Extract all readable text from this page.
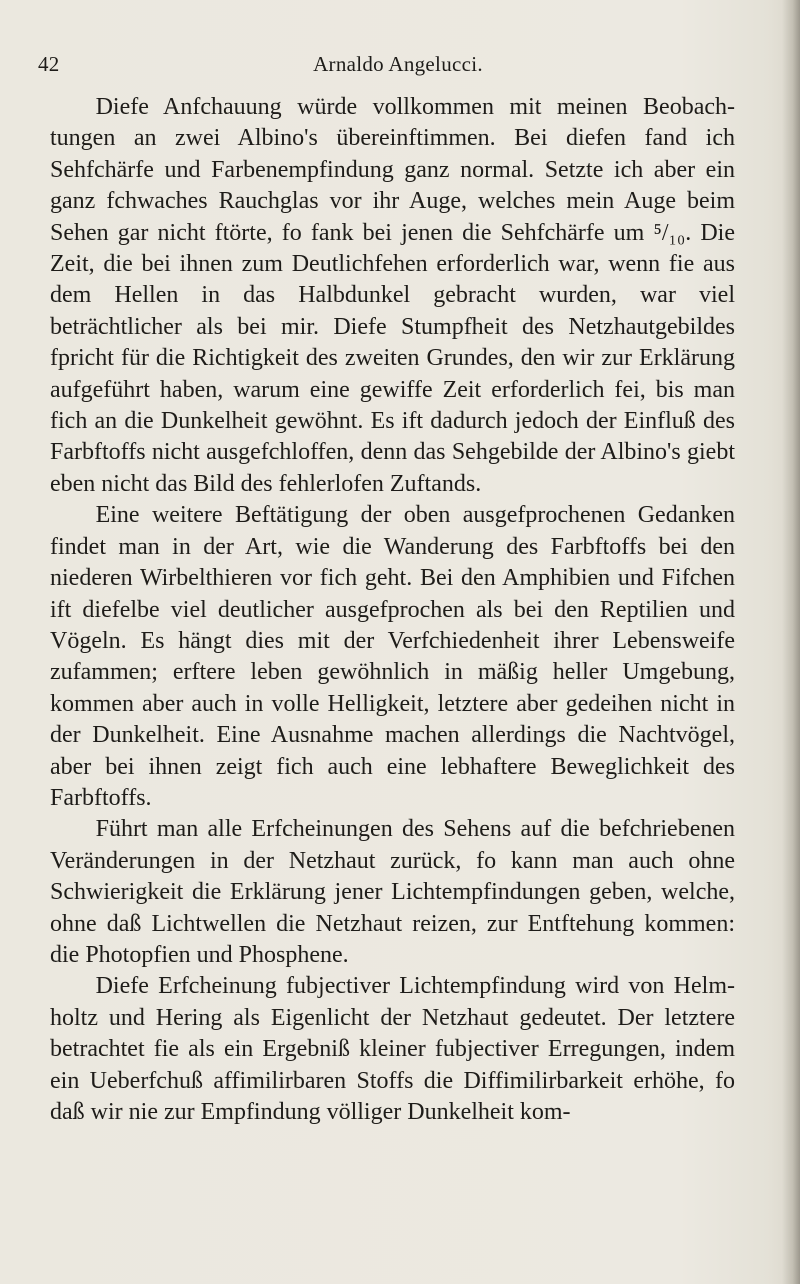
42	Arnaldo Angelucci.

Diefe Anfchauung würde vollkommen mit meinen Beobachtungen an zwei Albino's übereinftimmen. Bei diefen fand ich Sehfchärfe und Farbenempfindung ganz normal. Setzte ich aber ein ganz fchwaches Rauchglas vor ihr Auge, welches mein Auge beim Sehen gar nicht ftörte, fo fank bei jenen die Sehfchärfe um ⁵/₁₀. Die Zeit, die bei ihnen zum Deutlichfehen erforderlich war, wenn fie aus dem Hellen in das Halbdunkel gebracht wurden, war viel beträchtlicher als bei mir. Diefe Stumpfheit des Netzhautgebildes fpricht für die Richtigkeit des zweiten Grundes, den wir zur Erklärung aufgeführt haben, warum eine gewiffe Zeit erforderlich fei, bis man fich an die Dunkelheit gewöhnt. Es ift dadurch jedoch der Einfluß des Farbftoffs nicht ausgefchloffen, denn das Sehgebilde der Albino's giebt eben nicht das Bild des fehlerlofen Zuftands.

Eine weitere Beftätigung der oben ausgefprochenen Gedanken findet man in der Art, wie die Wanderung des Farbftoffs bei den niederen Wirbelthieren vor fich geht. Bei den Amphibien und Fifchen ift diefelbe viel deutlicher ausgefprochen als bei den Reptilien und Vögeln. Es hängt dies mit der Verfchiedenheit ihrer Lebensweife zufammen; erftere leben gewöhnlich in mäßig heller Umgebung, kommen aber auch in volle Helligkeit, letztere aber gedeihen nicht in der Dunkelheit. Eine Ausnahme machen allerdings die Nachtvögel, aber bei ihnen zeigt fich auch eine lebhaftere Beweglichkeit des Farbftoffs.

Führt man alle Erfcheinungen des Sehens auf die befchriebenen Veränderungen in der Netzhaut zurück, fo kann man auch ohne Schwierigkeit die Erklärung jener Lichtempfindungen geben, welche, ohne daß Lichtwellen die Netzhaut reizen, zur Entftehung kommen: die Photopfien und Phosphene.

Diefe Erfcheinung fubjectiver Lichtempfindung wird von Helmholtz und Hering als Eigenlicht der Netzhaut gedeutet. Der letztere betrachtet fie als ein Ergebniß kleiner fubjectiver Erregungen, indem ein Ueberfchuß affimilirbaren Stoffs die Diffimilirbarkeit erhöhe, fo daß wir nie zur Empfindung völliger Dunkelheit kom-
